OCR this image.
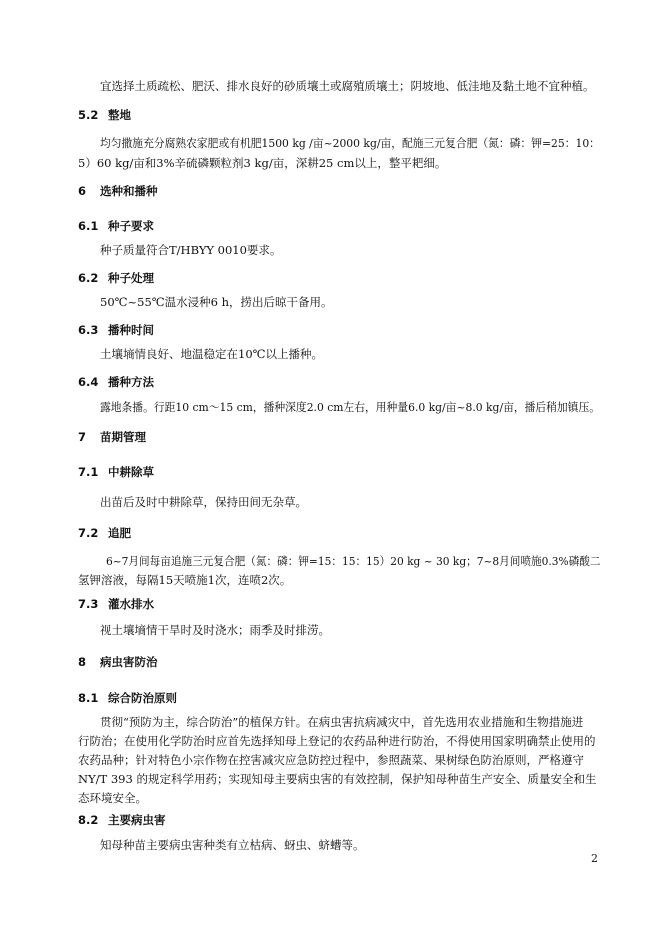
宜选择土质疏松、肥沃、排水良好的砂质壤土或腐殖质壤土；阴坡地、低洼地及黏土地不宜种植。
5.2 整地
均匀撒施充分腐熟农家肥或有机肥1500 kg /亩~2000 kg/亩，配施三元复合肥（氮：磷：钾=25：10：
5）60 kg/亩和3%辛硫磷颗粒剂3 kg/亩，深耕25 cm以上，整平耙细。
6 选种和播种
6.1 种子要求
种子质量符合T/HBYY 0010要求。
6.2 种子处理
50℃~55℃温水浸种6 h，捞出后晾干备用。
6.3 播种时间
土壤墒情良好、地温稳定在10℃以上播种。
6.4 播种方法
露地条播。行距10 cm～15 cm，播种深度2.0 cm左右，用种量6.0 kg/亩~8.0 kg/亩，播后稍加镇压。
7 苗期管理
7.1 中耕除草
出苗后及时中耕除草，保持田间无杂草。
7.2 追肥
6~7月间每亩追施三元复合肥（氮：磷：钾=15：15：15）20 kg ~ 30 kg；7~8月间喷施0.3%磷酸二
氢钾溶液，每隔15天喷施1次，连喷2次。
7.3 灌水排水
视土壤墒情干旱时及时浇水；雨季及时排涝。
8 病虫害防治
8.1 综合防治原则
贯彻“预防为主，综合防治”的植保方针。在病虫害抗病减灾中，首先选用农业措施和生物措施进
行防治；在使用化学防治时应首先选择知母上登记的农药品种进行防治，不得使用国家明确禁止使用的
农药品种；针对特色小宗作物在控害减灾应急防控过程中，参照蔬菜、果树绿色防治原则，严格遵守
NY/T 393 的规定科学用药；实现知母主要病虫害的有效控制，保护知母种苗生产安全、质量安全和生
态环境安全。
8.2 主要病虫害
知母种苗主要病虫害种类有立枯病、蚜虫、蛴螬等。
2
